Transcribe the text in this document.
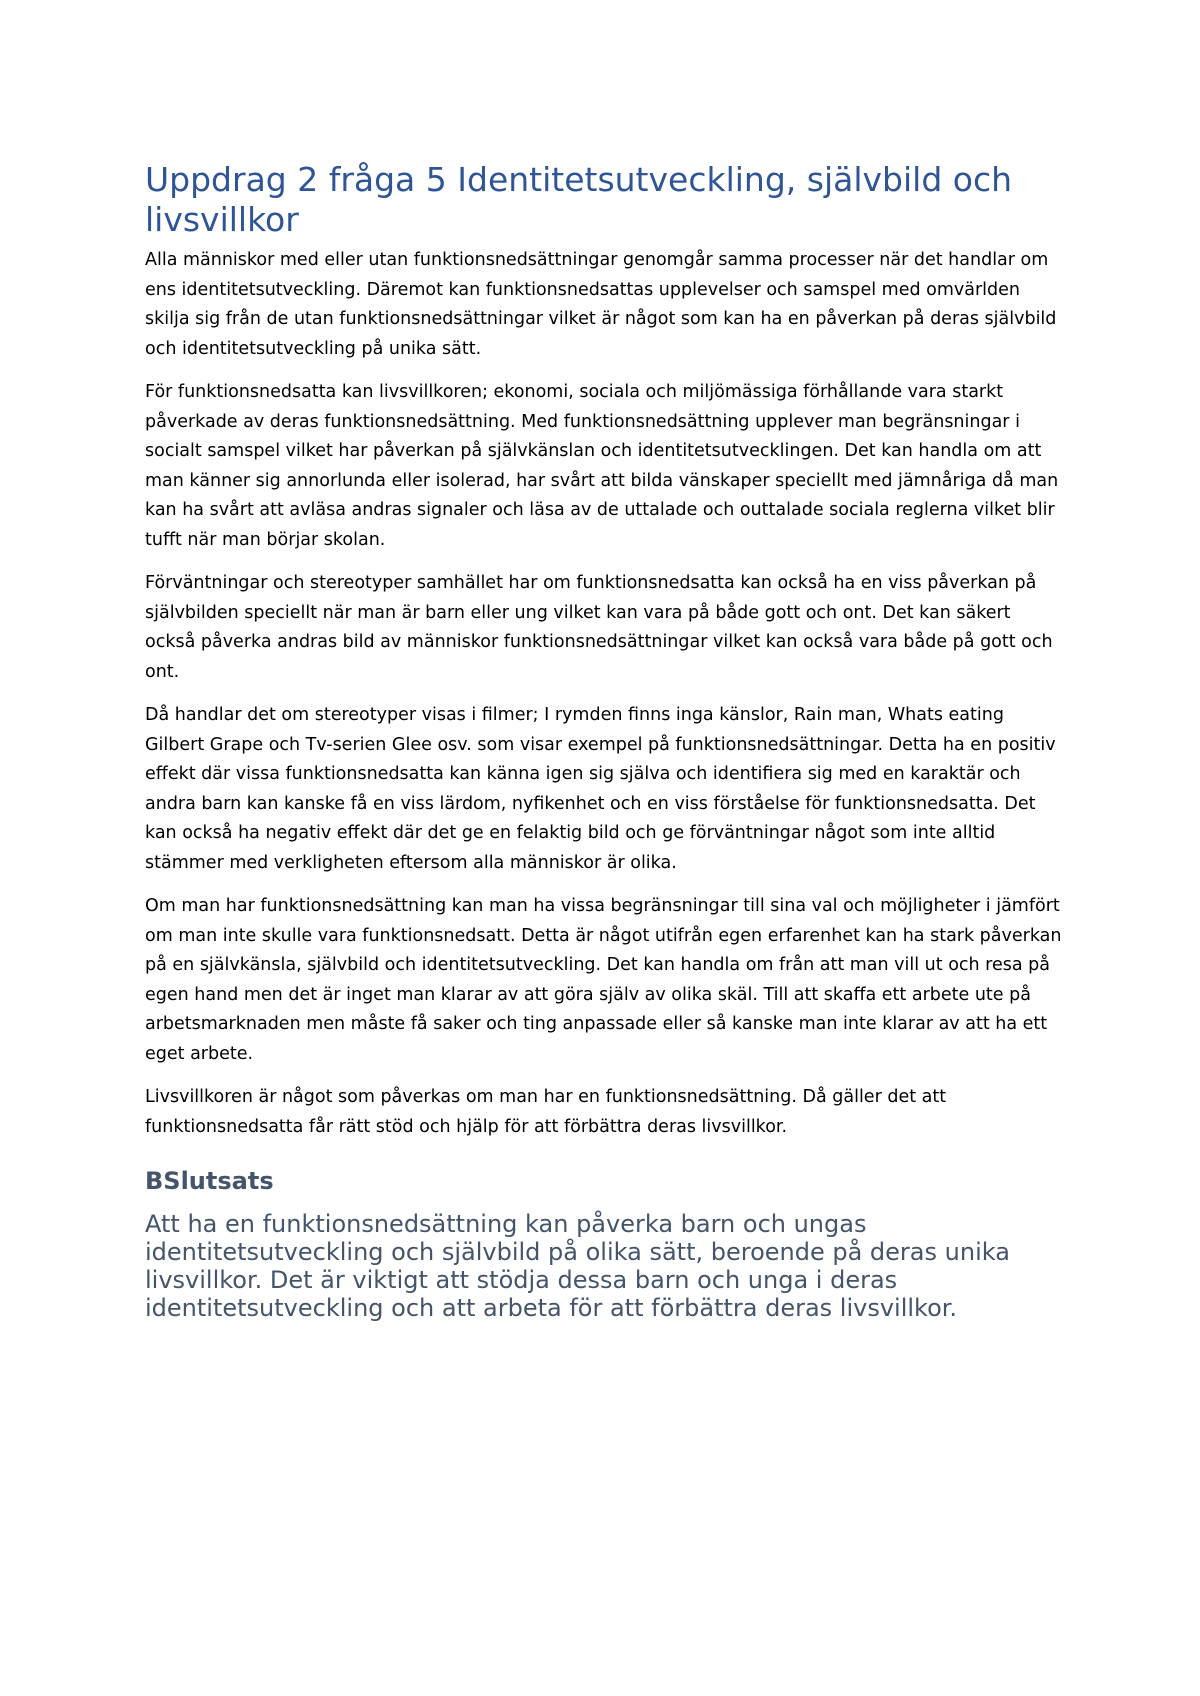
Uppdrag 2 fråga 5 Identitetsutveckling, självbild och livsvillkor

Alla människor med eller utan funktionsnedsättningar genomgår samma processer när det handlar om ens identitetsutveckling. Däremot kan funktionsnedsattas upplevelser och samspel med omvärlden skilja sig från de utan funktionsnedsättningar vilket är något som kan ha en påverkan på deras självbild och identitetsutveckling på unika sätt.

För funktionsnedsatta kan livsvillkoren; ekonomi, sociala och miljömässiga förhållande vara starkt påverkade av deras funktionsnedsättning. Med funktionsnedsättning upplever man begränsningar i socialt samspel vilket har påverkan på självkänslan och identitetsutvecklingen. Det kan handla om att man känner sig annorlunda eller isolerad, har svårt att bilda vänskaper speciellt med jämnåriga då man kan ha svårt att avläsa andras signaler och läsa av de uttalade och outtalade sociala reglerna vilket blir tufft när man börjar skolan.

Förväntningar och stereotyper samhället har om funktionsnedsatta kan också ha en viss påverkan på självbilden speciellt när man är barn eller ung vilket kan vara på både gott och ont. Det kan säkert också påverka andras bild av människor funktionsnedsättningar vilket kan också vara både på gott och ont.

Då handlar det om stereotyper visas i filmer; I rymden finns inga känslor, Rain man, Whats eating Gilbert Grape och Tv-serien Glee osv. som visar exempel på funktionsnedsättningar. Detta ha en positiv effekt där vissa funktionsnedsatta kan känna igen sig själva och identifiera sig med en karaktär och andra barn kan kanske få en viss lärdom, nyfikenhet och en viss förståelse för funktionsnedsatta. Det kan också ha negativ effekt där det ge en felaktig bild och ge förväntningar något som inte alltid stämmer med verkligheten eftersom alla människor är olika.

Om man har funktionsnedsättning kan man ha vissa begränsningar till sina val och möjligheter i jämfört om man inte skulle vara funktionsnedsatt. Detta är något utifrån egen erfarenhet kan ha stark påverkan på en självkänsla, självbild och identitetsutveckling. Det kan handla om från att man vill ut och resa på egen hand men det är inget man klarar av att göra själv av olika skäl. Till att skaffa ett arbete ute på arbetsmarknaden men måste få saker och ting anpassade eller så kanske man inte klarar av att ha ett eget arbete.

Livsvillkoren är något som påverkas om man har en funktionsnedsättning. Då gäller det att funktionsnedsatta får rätt stöd och hjälp för att förbättra deras livsvillkor.

BSlutsats

Att ha en funktionsnedsättning kan påverka barn och ungas identitetsutveckling och självbild på olika sätt, beroende på deras unika livsvillkor. Det är viktigt att stödja dessa barn och unga i deras identitetsutveckling och att arbeta för att förbättra deras livsvillkor.
